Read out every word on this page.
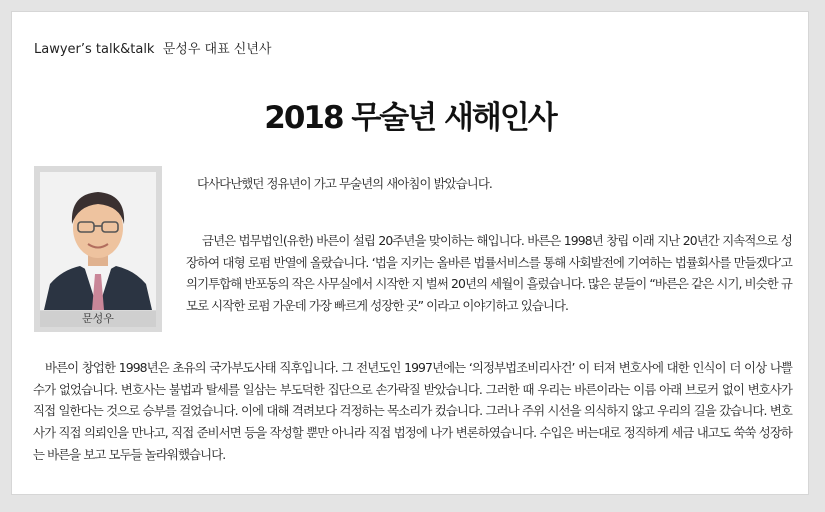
Lawyer’s talk&talk 문성우 대표 신년사
2018 무술년 새해인사
문성우

다사다난했던 정유년이 가고 무술년의 새아침이 밝았습니다.

금년은 법무법인(유한) 바른이 설립 20주년을 맞이하는 해입니다. 바른은 1998년 창립 이래 지난 20년간 지속적으로 성장하여 대형 로펌 반열에 올랐습니다. ‘법을 지키는 올바른 법률서비스를 통해 사회발전에 기여하는 법률회사를 만들겠다’고 의기투합해 반포동의 작은 사무실에서 시작한 지 벌써 20년의 세월이 흘렀습니다. 많은 분들이 “바른은 같은 시기, 비슷한 규모로 시작한 로펌 가운데 가장 빠르게 성장한 곳” 이라고 이야기하고 있습니다.

바른이 창업한 1998년은 초유의 국가부도사태 직후입니다. 그 전년도인 1997년에는 ‘의정부법조비리사건’ 이 터져 변호사에 대한 인식이 더 이상 나쁠 수가 없었습니다. 변호사는 불법과 탈세를 일삼는 부도덕한 집단으로 손가락질 받았습니다. 그러한 때 우리는 바른이라는 이름 아래 브로커 없이 변호사가 직접 일한다는 것으로 승부를 걸었습니다. 이에 대해 격려보다 걱정하는 목소리가 컸습니다. 그러나 주위 시선을 의식하지 않고 우리의 길을 갔습니다. 변호사가 직접 의뢰인을 만나고, 직접 준비서면 등을 작성할 뿐만 아니라 직접 법정에 나가 변론하였습니다. 수입은 버는대로 정직하게 세금 내고도 쑥쑥 성장하는 바른을 보고 모두들 놀라워했습니다.
